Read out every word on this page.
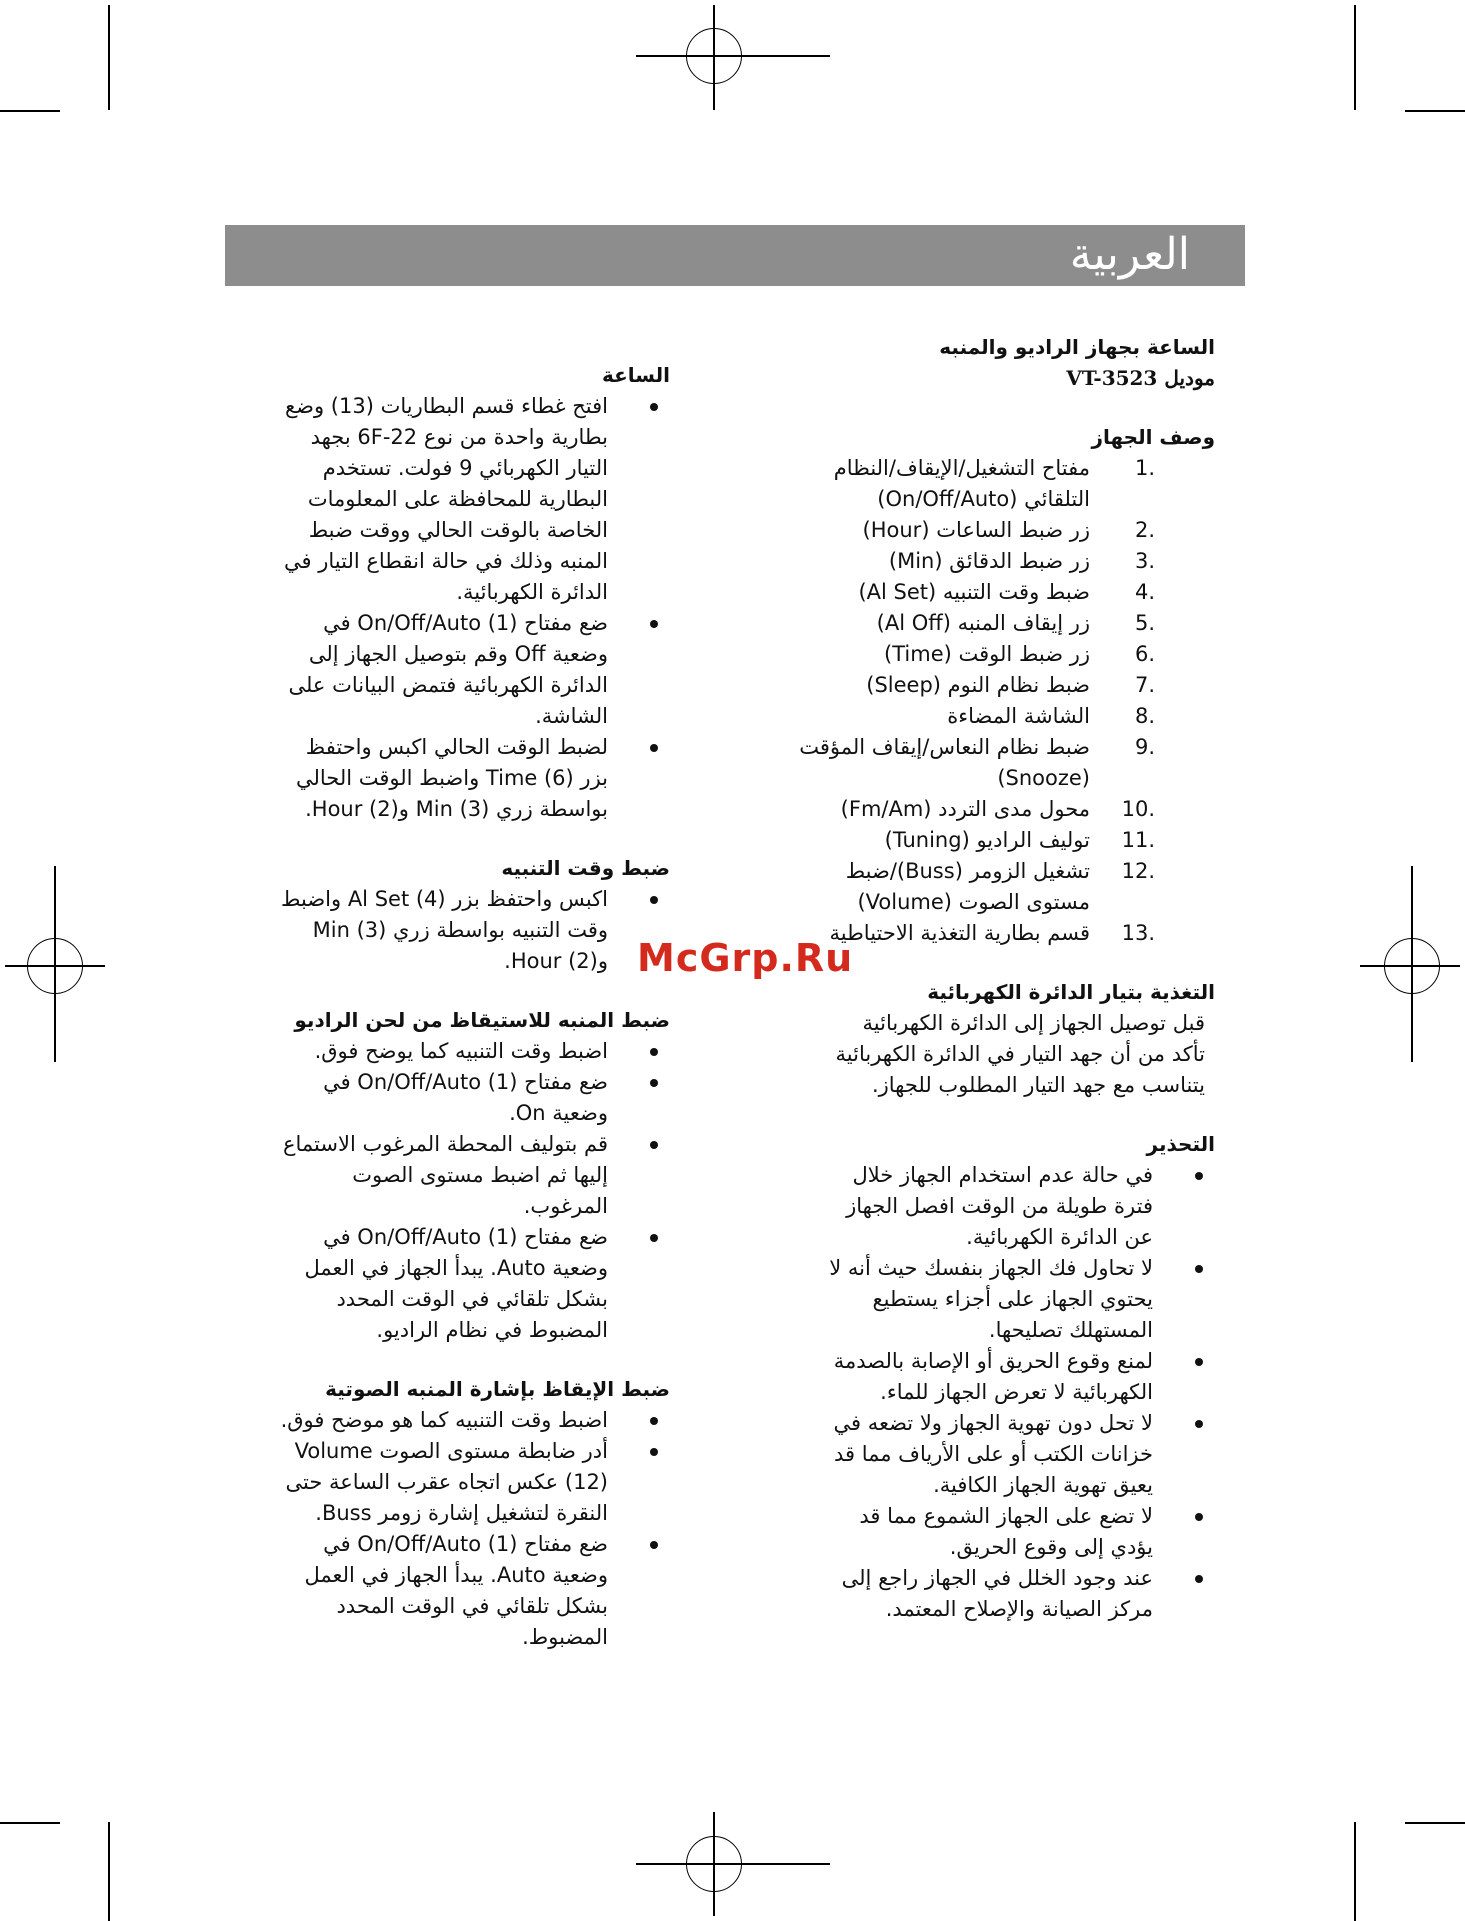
العربية

الساعة بجهاز الراديو والمنبه

موديل VT-3523

وصف الجهاز

1.
مفتاح التشغيل/الإيقاف/النظام التلقائي (On/Off/Auto)
2.
زر ضبط الساعات (Hour)
3.
زر ضبط الدقائق (Min)
4.
ضبط وقت التنبيه (Al Set)
5.
زر إيقاف المنبه (Al Off)
6.
زر ضبط الوقت (Time)
7.
ضبط نظام النوم (Sleep)
8.
الشاشة المضاءة
9.
ضبط نظام النعاس/إيقاف المؤقت (Snooze)
10.
محول مدى التردد (Fm/Am)
11.
توليف الراديو (Tuning)
12.
تشغيل الزومر (Buss)/ضبط مستوى الصوت (Volume)
13.
قسم بطارية التغذية الاحتياطية

التغذية بتيار الدائرة الكهربائية

قبل توصيل الجهاز إلى الدائرة الكهربائية تأكد من أن جهد التيار في الدائرة الكهربائية يتناسب مع جهد التيار المطلوب للجهاز.

التحذير

في حالة عدم استخدام الجهاز خلال فترة طويلة من الوقت افصل الجهاز عن الدائرة الكهربائية.
لا تحاول فك الجهاز بنفسك حيث أنه لا يحتوي الجهاز على أجزاء يستطيع المستهلك تصليحها.
لمنع وقوع الحريق أو الإصابة بالصدمة الكهربائية لا تعرض الجهاز للماء.
لا تحل دون تهوية الجهاز ولا تضعه في خزانات الكتب أو على الأرياف مما قد يعيق تهوية الجهاز الكافية.
لا تضع على الجهاز الشموع مما قد يؤدي إلى وقوع الحريق.
عند وجود الخلل في الجهاز راجع إلى مركز الصيانة والإصلاح المعتمد.

الساعة

افتح غطاء قسم البطاريات (13) وضع بطارية واحدة من نوع 6F-22 بجهد التيار الكهربائي 9 فولت. تستخدم البطارية للمحافظة على المعلومات الخاصة بالوقت الحالي ووقت ضبط المنبه وذلك في حالة انقطاع التيار في الدائرة الكهربائية.
ضع مفتاح On/Off/Auto (1) في وضعية Off وقم بتوصيل الجهاز إلى الدائرة الكهربائية فتمض البيانات على الشاشة.
لضبط الوقت الحالي اكبس واحتفظ بزر Time (6) واضبط الوقت الحالي بواسطة زري Min (3) وHour (2).

ضبط وقت التنبيه

اكبس واحتفظ بزر Al Set (4) واضبط وقت التنبيه بواسطة زري Min (3) وHour (2).

ضبط المنبه للاستيقاظ من لحن الراديو

اضبط وقت التنبيه كما يوضح فوق.
ضع مفتاح On/Off/Auto (1) في وضعية On.
قم بتوليف المحطة المرغوب الاستماع إليها ثم اضبط مستوى الصوت المرغوب.
ضع مفتاح On/Off/Auto (1) في وضعية Auto. يبدأ الجهاز في العمل بشكل تلقائي في الوقت المحدد المضبوط في نظام الراديو.

ضبط الإيقاظ بإشارة المنبه الصوتية

اضبط وقت التنبيه كما هو موضح فوق.
أدر ضابطة مستوى الصوت Volume (12) عكس اتجاه عقرب الساعة حتى النقرة لتشغيل إشارة زومر Buss.
ضع مفتاح On/Off/Auto (1) في وضعية Auto. يبدأ الجهاز في العمل بشكل تلقائي في الوقت المحدد المضبوط.
McGrp.Ru
